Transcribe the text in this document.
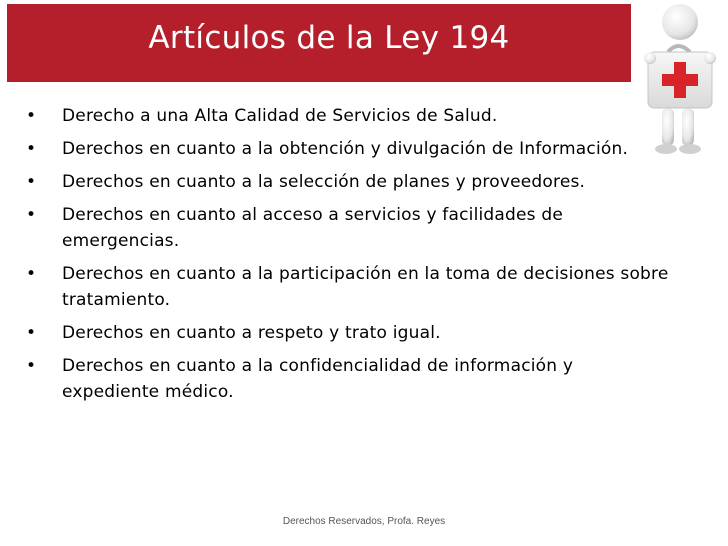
Artículos de la Ley 194
•	Derecho a una Alta Calidad de Servicios de Salud.
•	Derechos en cuanto a la obtención y divulgación de Información.
•	Derechos en cuanto a la selección de planes y proveedores.
•	Derechos en cuanto al acceso a servicios y facilidades de emergencias.
•	Derechos en cuanto a la participación en la toma de decisiones sobre tratamiento.
•	Derechos en cuanto a respeto y trato igual.
•	Derechos en cuanto a la confidencialidad de información y expediente médico.
Derechos Reservados, Profa. Reyes
